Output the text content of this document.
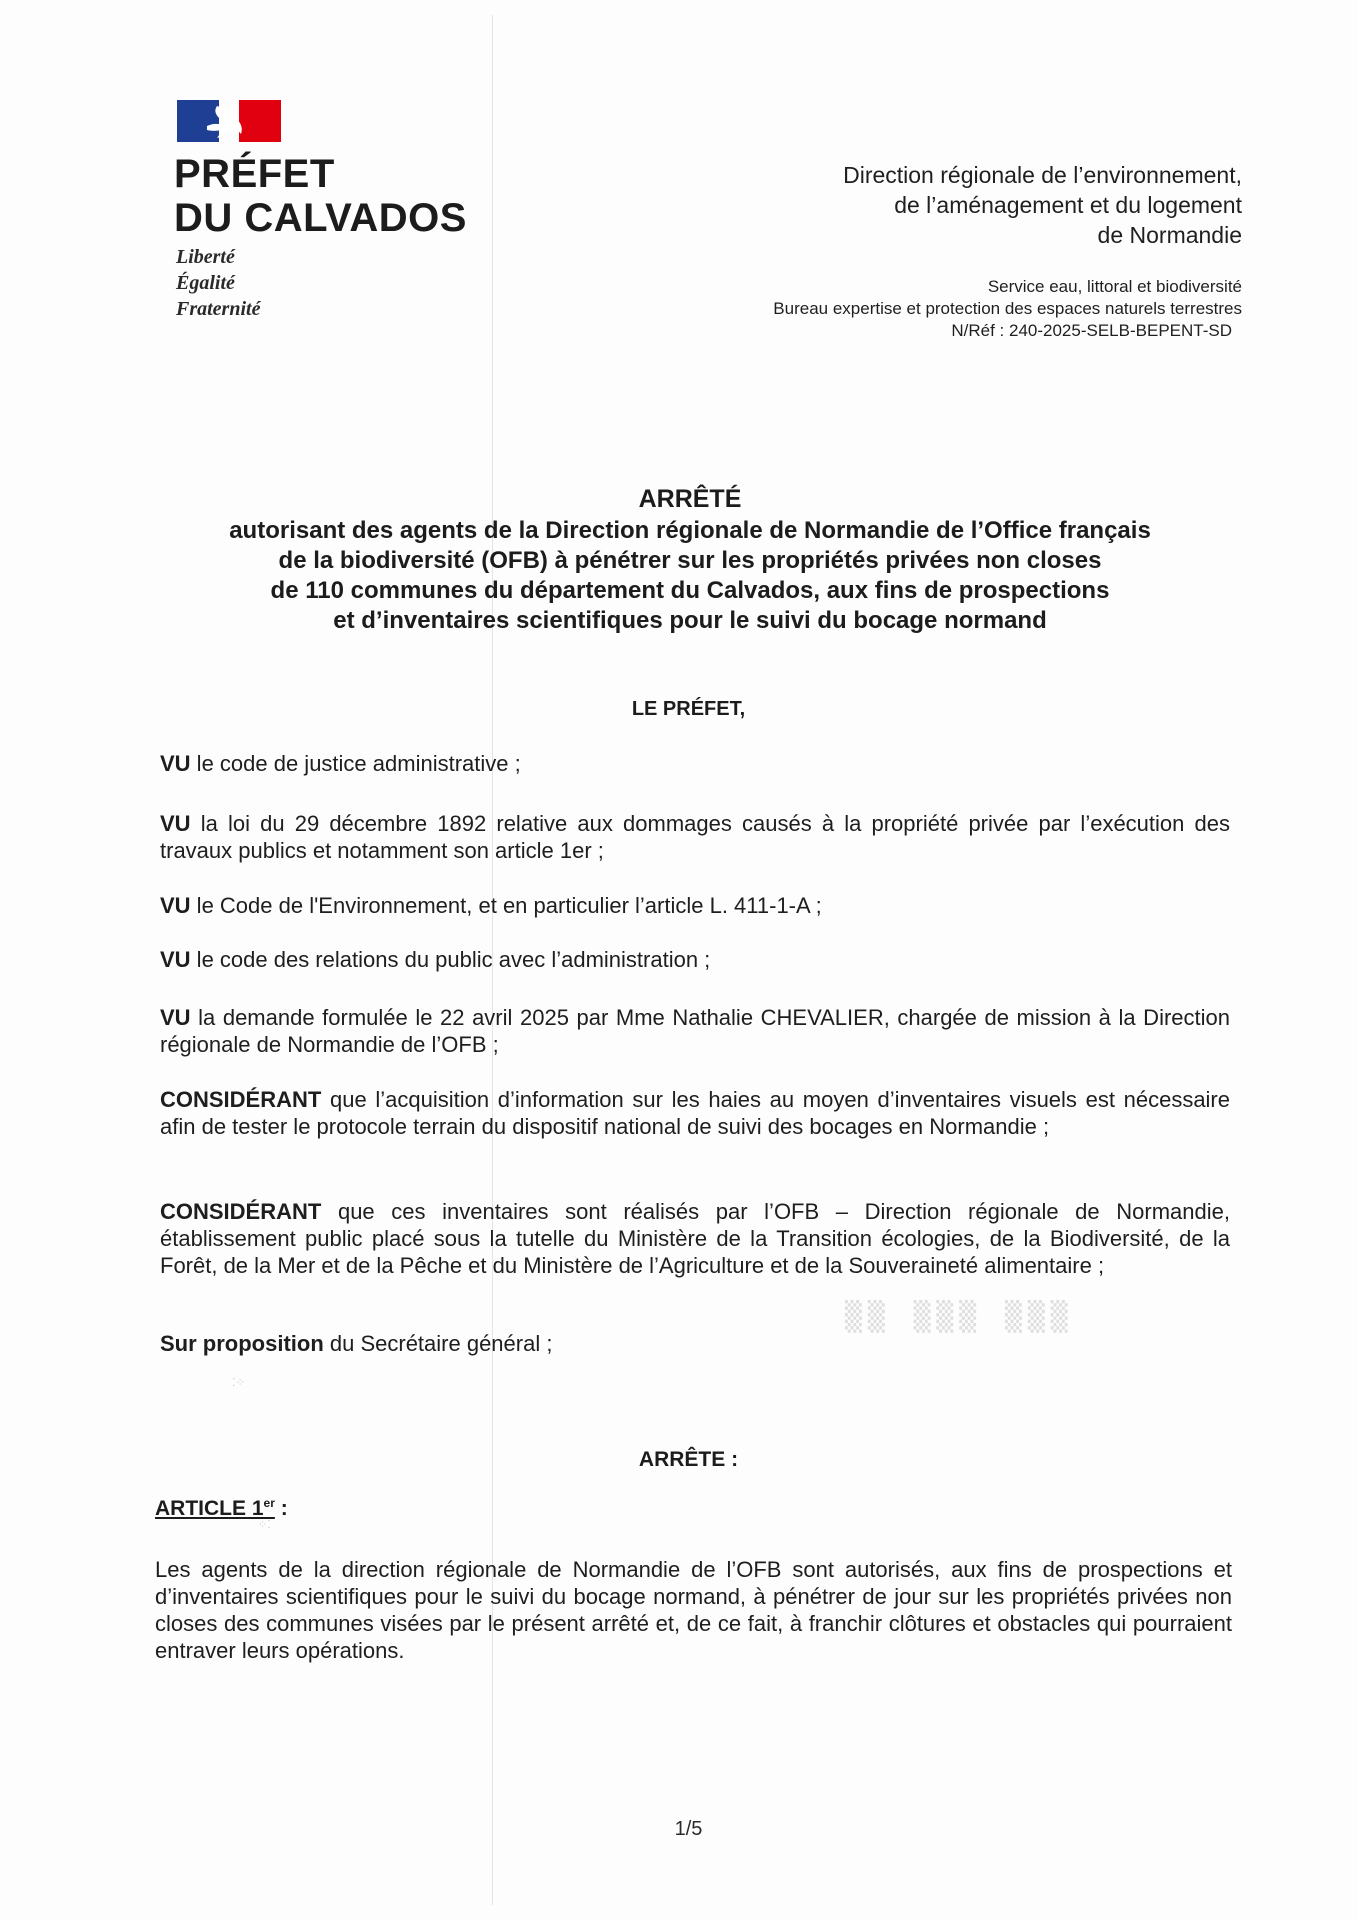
PRÉFET
DU CALVADOS
Liberté
Égalité
Fraternité
Direction régionale de l’environnement,
de l’aménagement et du logement
de Normandie
Service eau, littoral et biodiversité
Bureau expertise et protection des espaces naturels terrestres
N/Réf : 240-2025-SELB-BEPENT-SD
ARRÊTÉ
autorisant des agents de la Direction régionale de Normandie de l’Office français
de la biodiversité (OFB) à pénétrer sur les propriétés privées non closes
de 110 communes du département du Calvados, aux fins de prospections
et d’inventaires scientifiques pour le suivi du bocage normand
LE PRÉFET,
VU le code de justice administrative ;
VU la loi du 29 décembre 1892 relative aux dommages causés à la propriété privée par l’exécution des travaux publics et notamment son article 1er ;
VU le Code de l'Environnement, et en particulier l’article L. 411-1-A ;
VU le code des relations du public avec l’administration ;
VU la demande formulée le 22 avril 2025 par Mme Nathalie CHEVALIER, chargée de mission à la Direction régionale de Normandie de l’OFB ;
CONSIDÉRANT que l’acquisition d’information sur les haies au moyen d’inventaires visuels est nécessaire afin de tester le protocole terrain du dispositif national de suivi des bocages en Normandie ;
CONSIDÉRANT que ces inventaires sont réalisés par l’OFB – Direction régionale de Normandie, établissement public placé sous la tutelle du Ministère de la Transition écologies, de la Biodiversité, de la Forêt, de la Mer et de la Pêche et du Ministère de l’Agriculture et de la Souveraineté alimentaire ;
Sur proposition du Secrétaire général ;
▒▒ ▒▒▒ ▒▒▒
⁚⁘
⁘⁚
ARRÊTE :
ARTICLE 1er :
Les agents de la direction régionale de Normandie de l’OFB sont autorisés, aux fins de prospections et d’inventaires scientifiques pour le suivi du bocage normand, à pénétrer de jour sur les propriétés privées non closes des communes visées par le présent arrêté et, de ce fait, à franchir clôtures et obstacles qui pourraient entraver leurs opérations.
1/5
